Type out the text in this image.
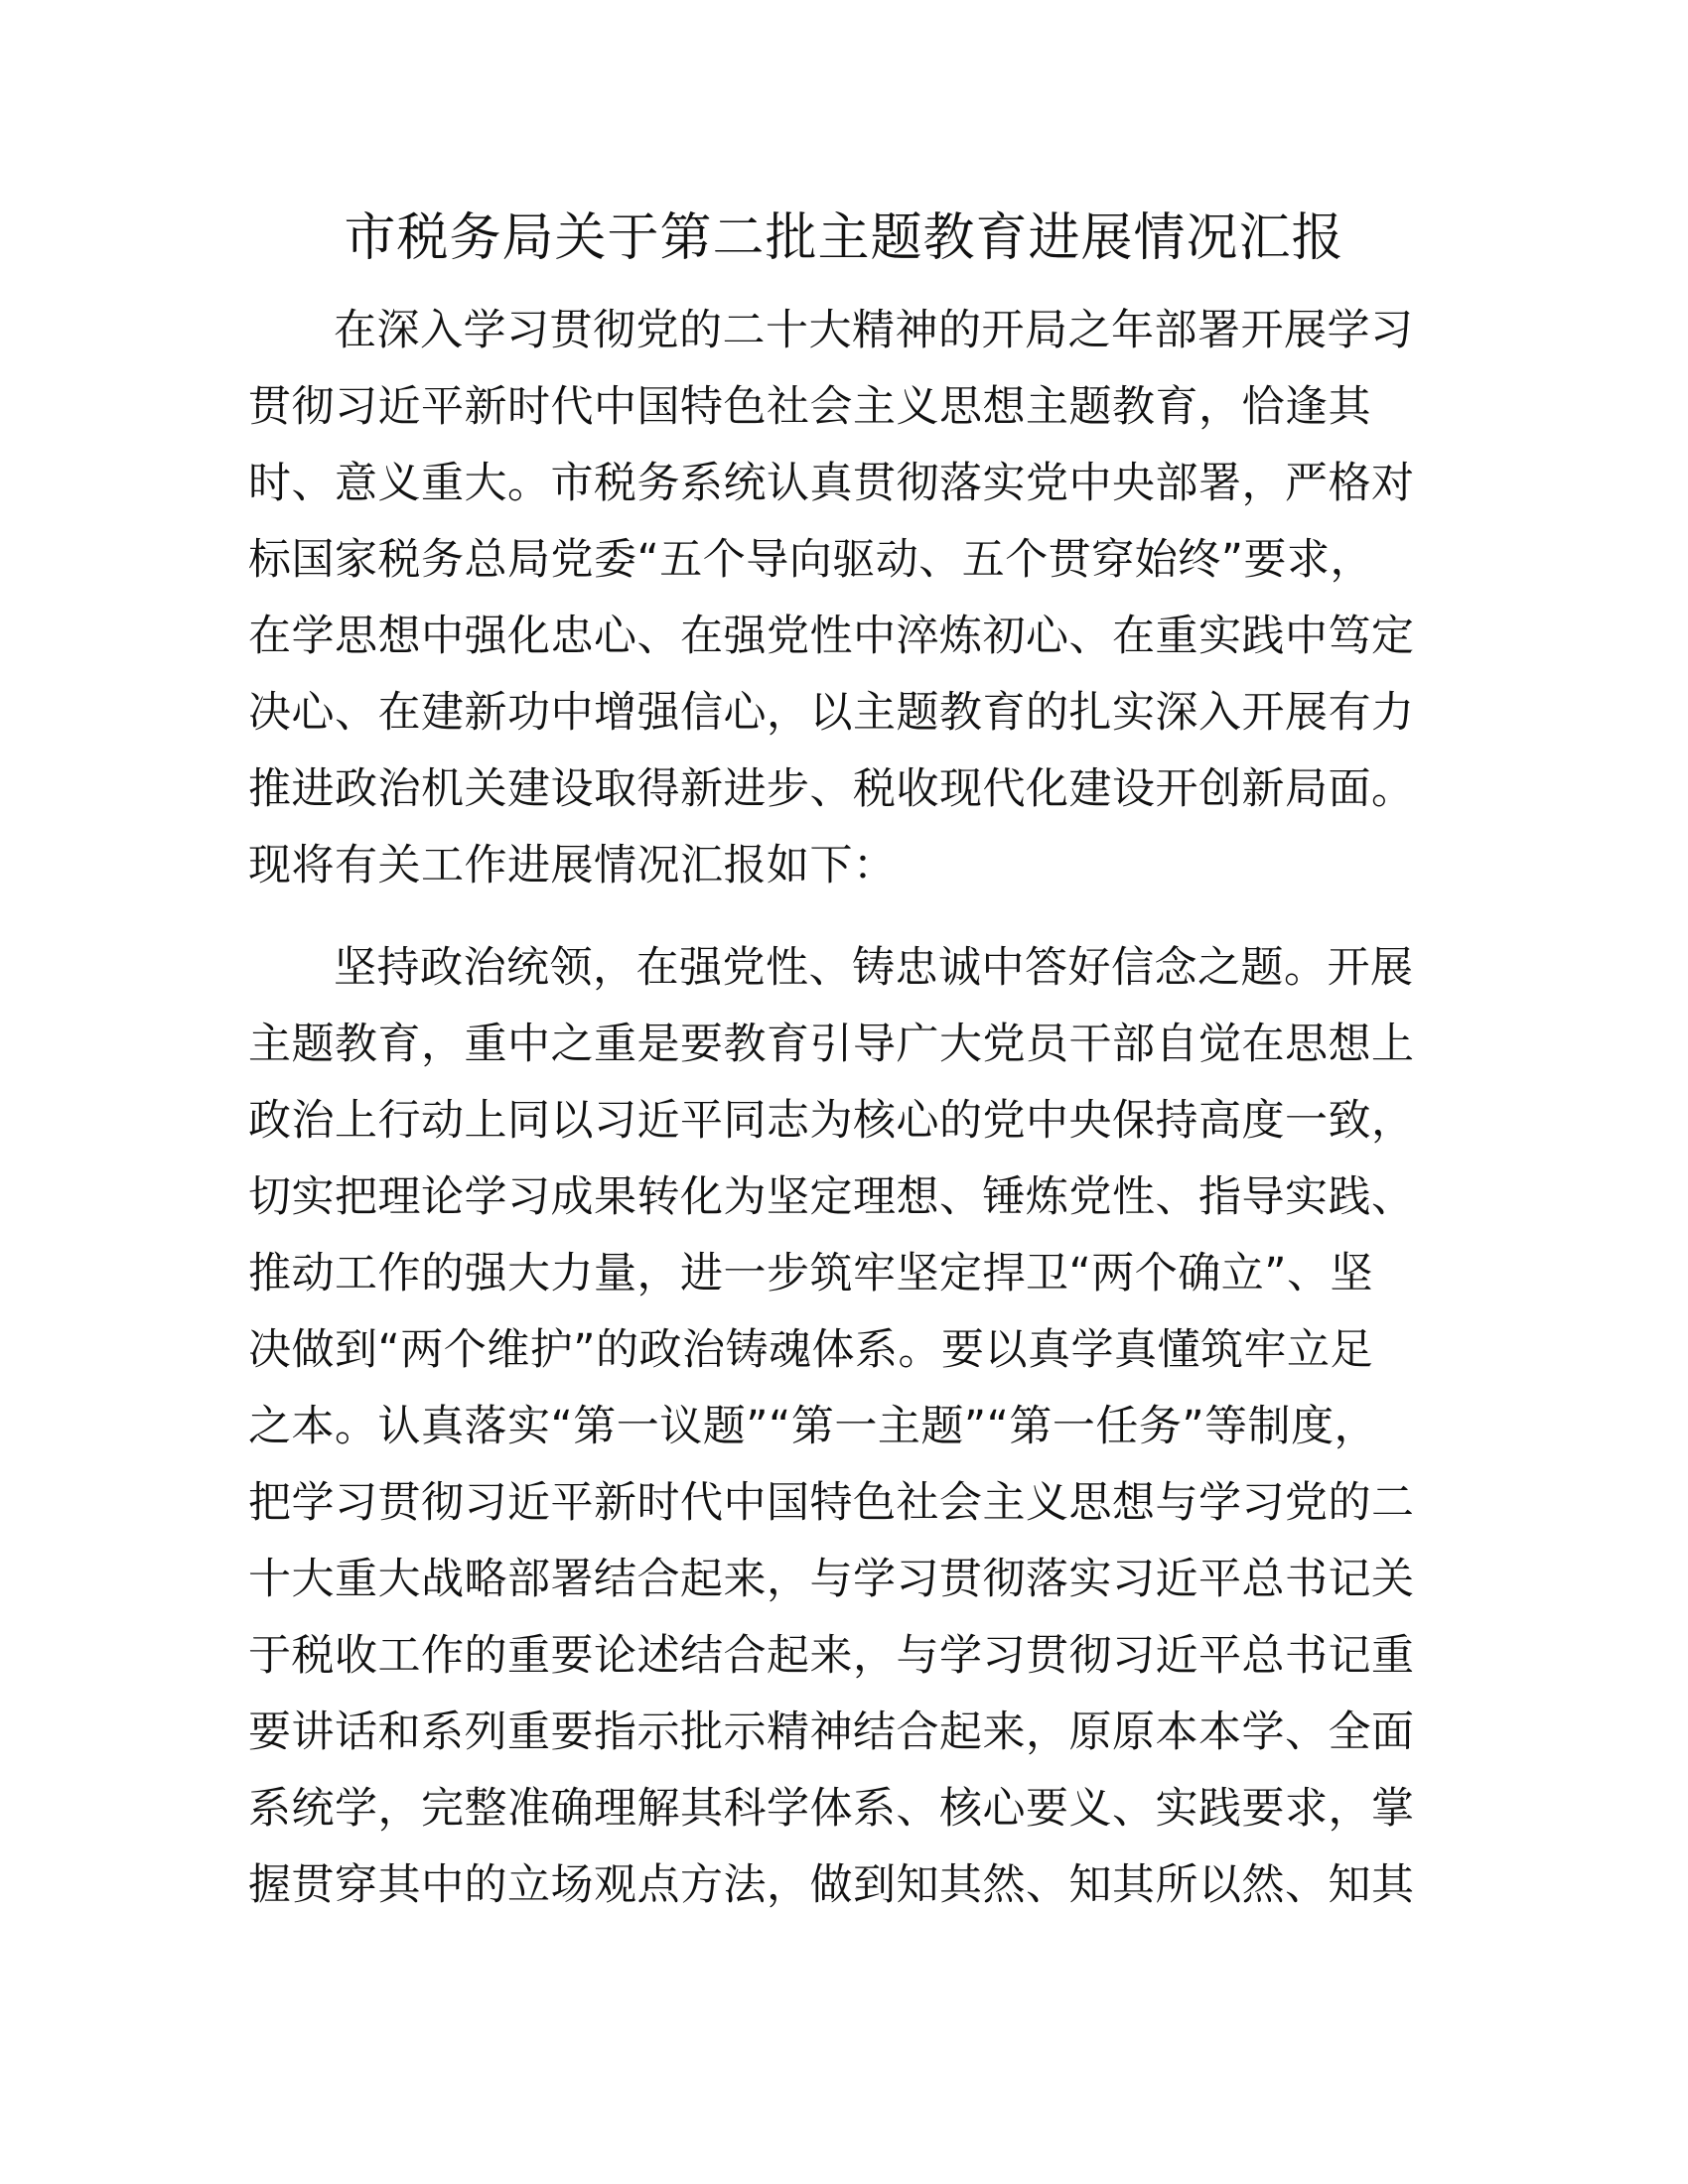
市税务局关于第二批主题教育进展情况汇报
在深入学习贯彻党的二十大精神的开局之年部署开展学习
贯彻习近平新时代中国特色社会主义思想主题教育，恰逢其
时、意义重大。市税务系统认真贯彻落实党中央部署，严格对
标国家税务总局党委“五个导向驱动、五个贯穿始终”要求，
在学思想中强化忠心、在强党性中淬炼初心、在重实践中笃定
决心、在建新功中增强信心，以主题教育的扎实深入开展有力
推进政治机关建设取得新进步、税收现代化建设开创新局面。
现将有关工作进展情况汇报如下：
坚持政治统领，在强党性、铸忠诚中答好信念之题。开展
主题教育，重中之重是要教育引导广大党员干部自觉在思想上
政治上行动上同以习近平同志为核心的党中央保持高度一致，
切实把理论学习成果转化为坚定理想、锤炼党性、指导实践、
推动工作的强大力量，进一步筑牢坚定捍卫“两个确立”、坚
决做到“两个维护”的政治铸魂体系。要以真学真懂筑牢立足
之本。认真落实“第一议题”“第一主题”“第一任务”等制度，
把学习贯彻习近平新时代中国特色社会主义思想与学习党的二
十大重大战略部署结合起来，与学习贯彻落实习近平总书记关
于税收工作的重要论述结合起来，与学习贯彻习近平总书记重
要讲话和系列重要指示批示精神结合起来，原原本本学、全面
系统学，完整准确理解其科学体系、核心要义、实践要求，掌
握贯穿其中的立场观点方法，做到知其然、知其所以然、知其
